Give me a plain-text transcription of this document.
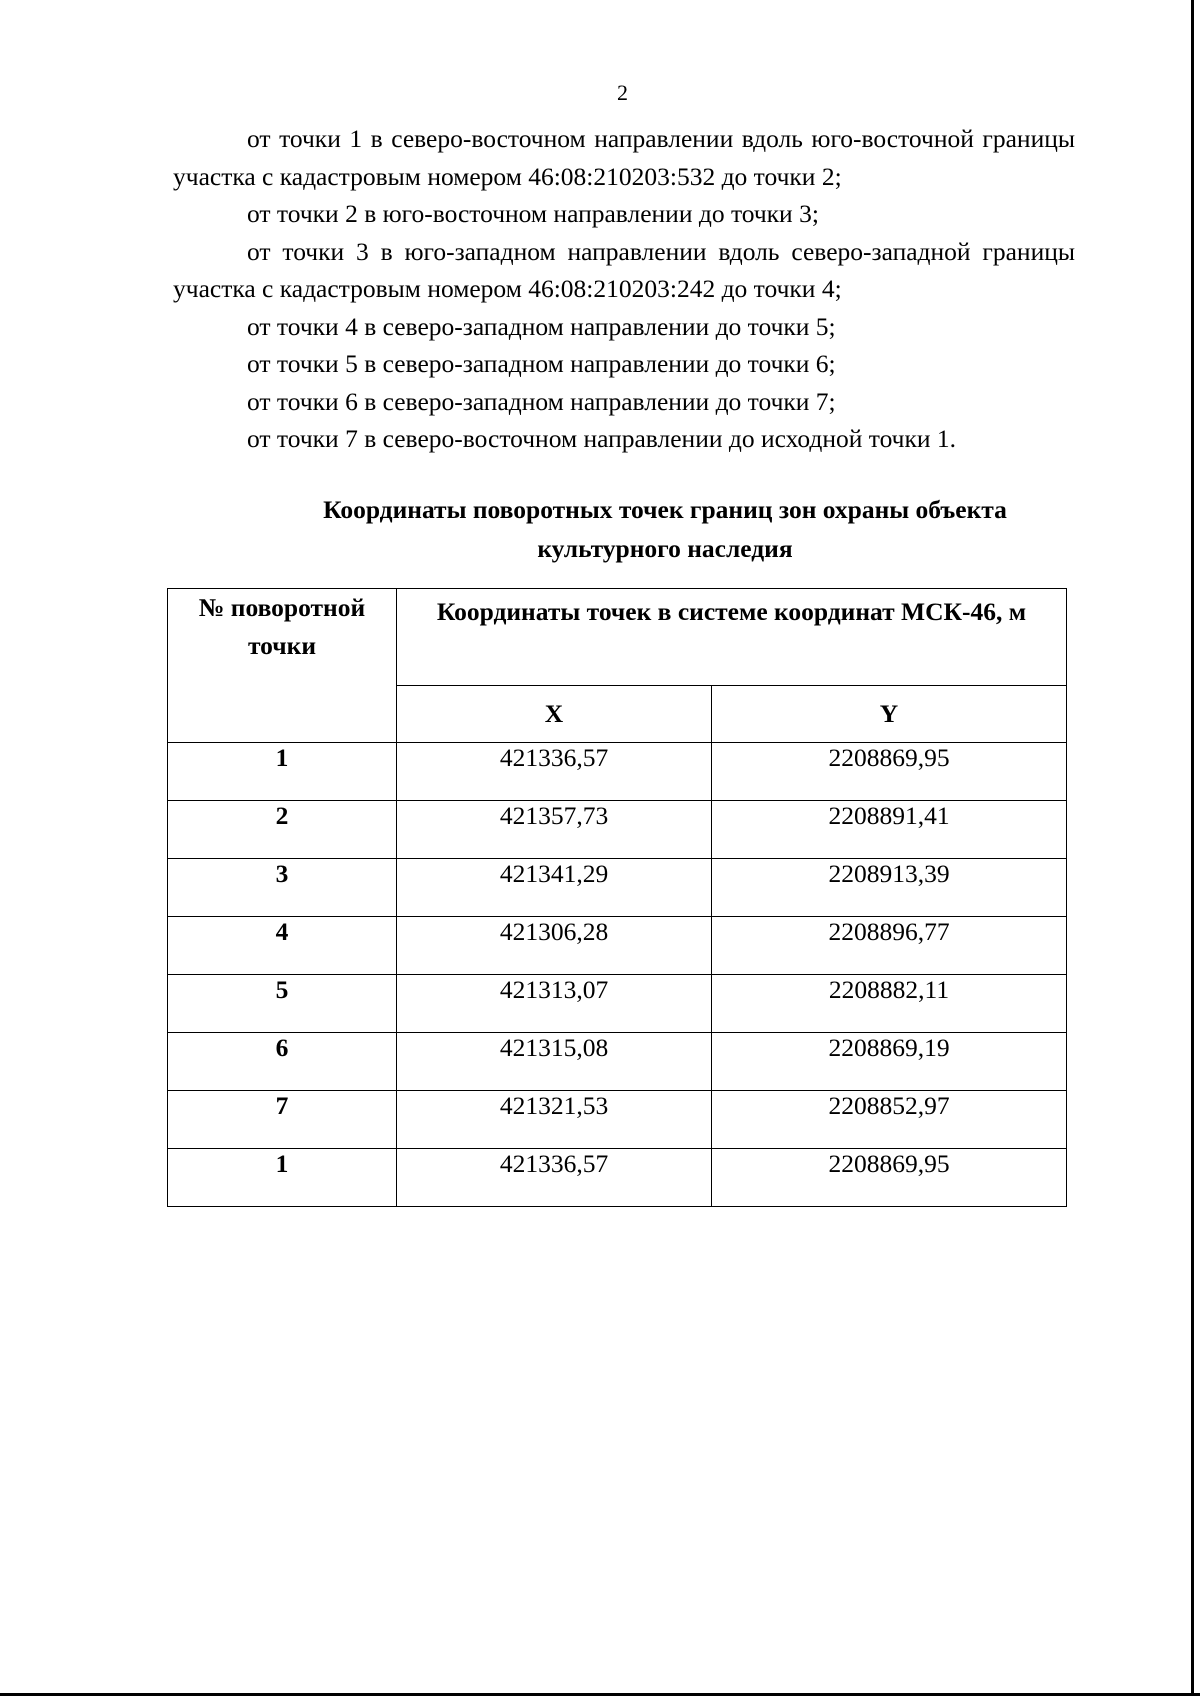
2

от точки 1 в северо-восточном направлении вдоль юго-восточной границы участка с кадастровым номером 46:08:210203:532 до точки 2;

от точки 2 в юго-восточном направлении до точки 3;

от точки 3 в юго-западном направлении вдоль северо-западной границы участка с кадастровым номером 46:08:210203:242 до точки 4;

от точки 4 в северо-западном направлении до точки 5;

от точки 5 в северо-западном направлении до точки 6;

от точки 6 в северо-западном направлении до точки 7;

от точки 7 в северо-восточном направлении до исходной точки 1.

Координаты поворотных точек границ зон охраны объекта
культурного наследия
№ поворотной точки	Координаты точек в системе координат МСК-46, м	
	X	Y
1	421336,57	2208869,95
2	421357,73	2208891,41
3	421341,29	2208913,39
4	421306,28	2208896,77
5	421313,07	2208882,11
6	421315,08	2208869,19
7	421321,53	2208852,97
1	421336,57	2208869,95
